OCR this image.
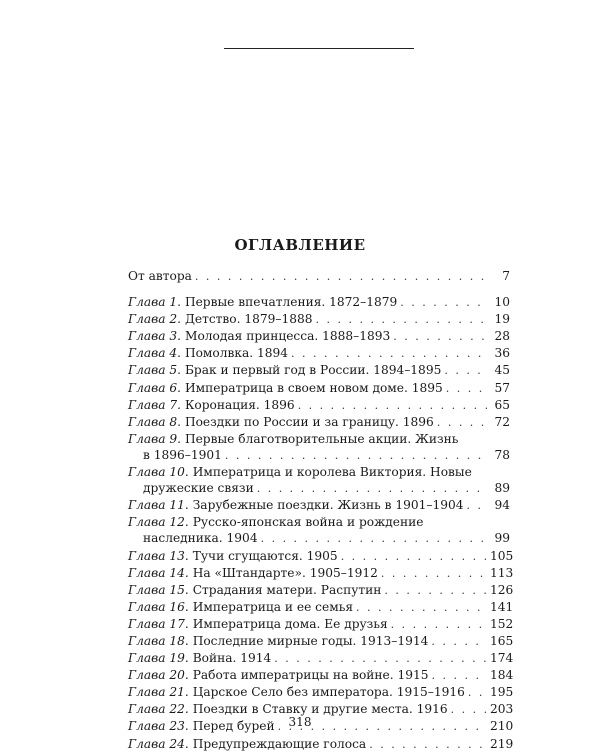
ОГЛАВЛЕНИЕ
От автора . . .	7
Глава 1. Первые впечатления. 1872–1879 . . .	10
Глава 2. Детство. 1879–1888 . . .	19
Глава 3. Молодая принцесса. 1888–1893 . . .	28
Глава 4. Помолвка. 1894 . . .	36
Глава 5. Брак и первый год в России. 1894–1895 . . .	45
Глава 6. Императрица в своем новом доме. 1895 . . .	57
Глава 7. Коронация. 1896 . . .	65
Глава 8. Поездки по России и за границу. 1896 . . .	72
Глава 9. Первые благотворительные акции. Жизнь
в 1896–1901 . . .	78
Глава 10. Императрица и королева Виктория. Новые
дружеские связи . . .	89
Глава 11. Зарубежные поездки. Жизнь в 1901–1904 . . .	94
Глава 12. Русско-японская война и рождение
наследника. 1904 . . .	99
Глава 13. Тучи сгущаются. 1905 . . .	105
Глава 14. На «Штандарте». 1905–1912 . . .	113
Глава 15. Страдания матери. Распутин . . .	126
Глава 16. Императрица и ее семья . . .	141
Глава 17. Императрица дома. Ее друзья . . .	152
Глава 18. Последние мирные годы. 1913–1914 . . .	165
Глава 19. Война. 1914 . . .	174
Глава 20. Работа императрицы на войне. 1915 . . .	184
Глава 21. Царское Село без императора. 1915–1916 . . . 195
Глава 22. Поездки в Ставку и другие места. 1916 . . .	203
Глава 23. Перед бурей . . .	210
Глава 24. Предупреждающие голоса . . .	219
318
